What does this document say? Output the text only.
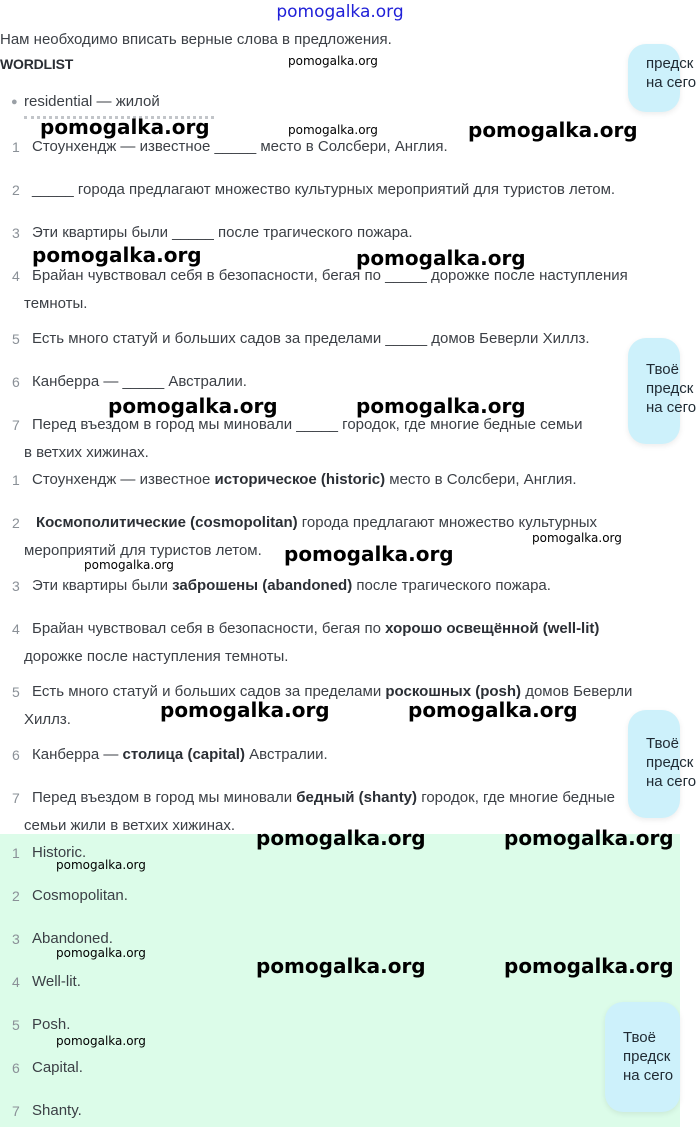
pomogalka.org
Нам необходимо вписать верные слова в предложения.
WORDLIST
● residential — жилой
1 Стоунхендж — известное _____ место в Солсбери, Англия.
2 _____ города предлагают множество культурных мероприятий для туристов летом.
3 Эти квартиры были _____ после трагического пожара.
4 Брайан чувствовал себя в безопасности, бегая по _____ дорожке после наступления
темноты.
5 Есть много статуй и больших садов за пределами _____ домов Беверли Хиллз.
6 Канберра — _____ Австралии.
7 Перед въездом в город мы миновали _____ городок, где многие бедные семьи
в ветхих хижинах.
1 Стоунхендж — известное историческое (historic) место в Солсбери, Англия.
2 Космополитические (cosmopolitan) города предлагают множество культурных
мероприятий для туристов летом.
3 Эти квартиры были заброшены (abandoned) после трагического пожара.
4 Брайан чувствовал себя в безопасности, бегая по хорошо освещённой (well-lit)
дорожке после наступления темноты.
5 Есть много статуй и больших садов за пределами роскошных (posh) домов Беверли
Хиллз.
6 Канберра — столица (capital) Австралии.
7 Перед въездом в город мы миновали бедный (shanty) городок, где многие бедные
семьи жили в ветхих хижинах.
1 Historic.
2 Cosmopolitan.
3 Abandoned.
4 Well-lit.
5 Posh.
6 Capital.
7 Shanty.
предск
на сего
Твоё
предск
на сего
Твоё
предск
на сего
Твоё
предск
на сего
pomogalka.org
pomogalka.org	pomogalka.org	pomogalka.org
pomogalka.org	pomogalka.org
pomogalka.org	pomogalka.org
pomogalka.org
pomogalka.org
pomogalka.org
pomogalka.org	pomogalka.org
pomogalka.org	pomogalka.org
pomogalka.org
pomogalka.org
pomogalka.org	pomogalka.org
pomogalka.org
